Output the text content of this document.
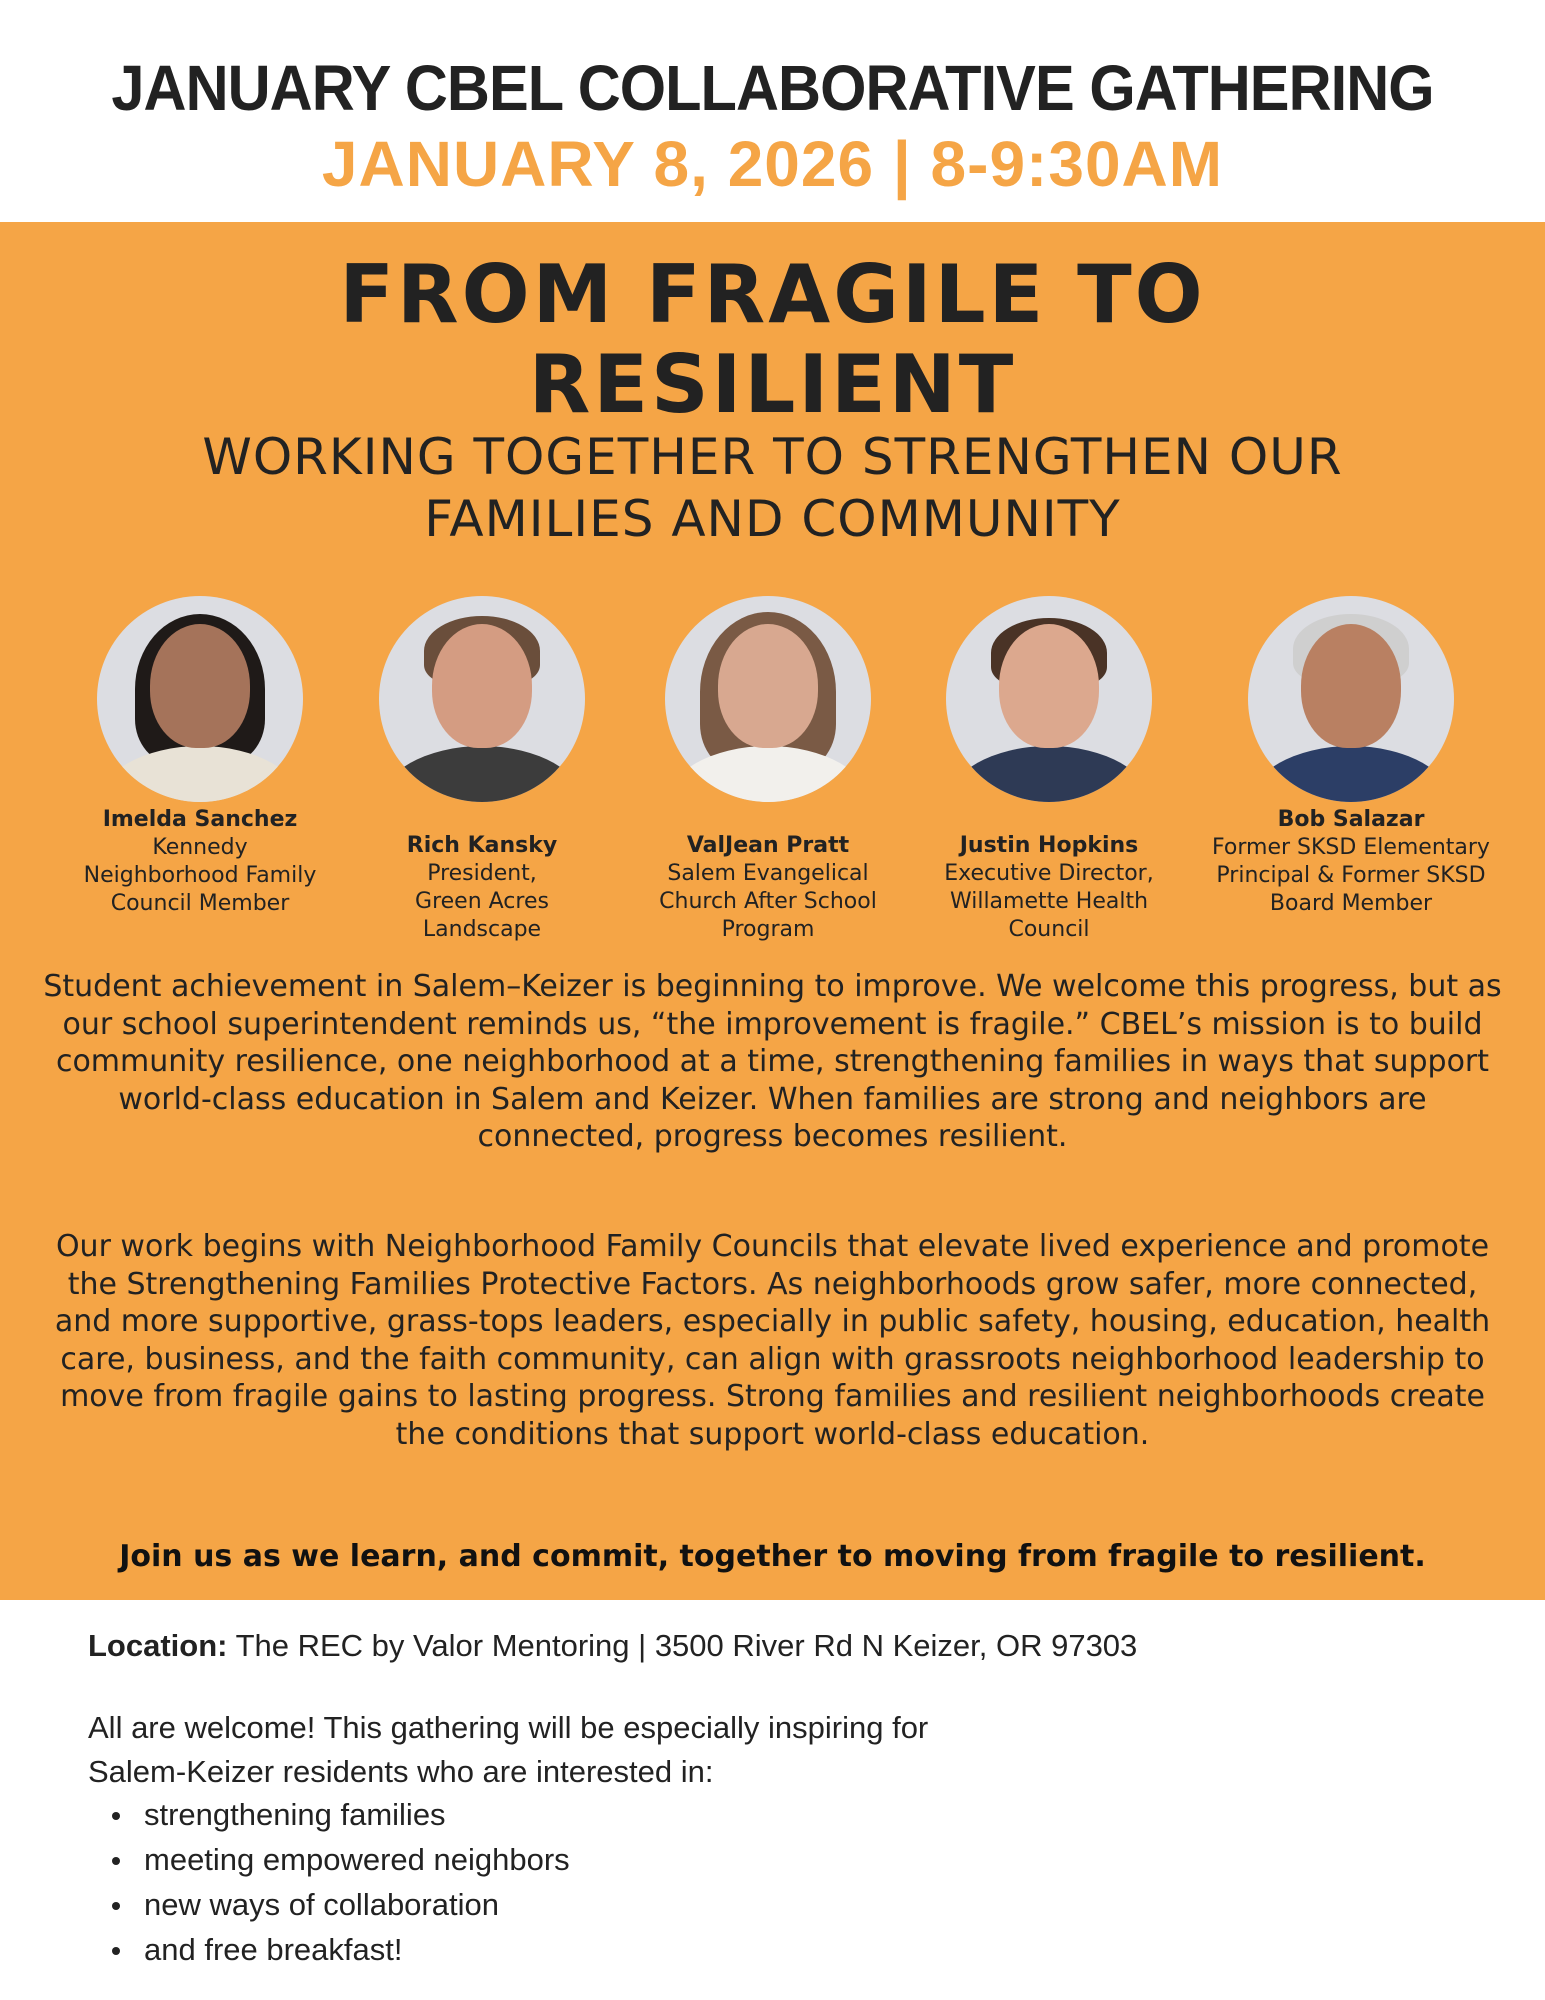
JANUARY CBEL COLLABORATIVE GATHERING
JANUARY 8, 2026 | 8-9:30AM
FROM FRAGILE TO
RESILIENT
WORKING TOGETHER TO STRENGTHEN OUR
FAMILIES AND COMMUNITY
Imelda Sanchez
Kennedy
Neighborhood Family
Council Member
Rich Kansky
President,
Green Acres
Landscape
ValJean Pratt
Salem Evangelical
Church After School
Program
Justin Hopkins
Executive Director,
Willamette Health
Council
Bob Salazar
Former SKSD Elementary
Principal & Former SKSD
Board Member
Student achievement in Salem–Keizer is beginning to improve. We welcome this progress, but as our school superintendent reminds us, “the improvement is fragile.” CBEL’s mission is to build community resilience, one neighborhood at a time, strengthening families in ways that support world-class education in Salem and Keizer. When families are strong and neighbors are connected, progress becomes resilient.
Our work begins with Neighborhood Family Councils that elevate lived experience and promote the Strengthening Families Protective Factors. As neighborhoods grow safer, more connected, and more supportive, grass-tops leaders, especially in public safety, housing, education, health care, business, and the faith community, can align with grassroots neighborhood leadership to move from fragile gains to lasting progress. Strong families and resilient neighborhoods create the conditions that support world-class education.
Join us as we learn, and commit, together to moving from fragile to resilient.
Location: The REC by Valor Mentoring | 3500 River Rd N Keizer, OR 97303
All are welcome! This gathering will be especially inspiring for
Salem-Keizer residents who are interested in:
strengthening families
meeting empowered neighbors
new ways of collaboration
and free breakfast!
